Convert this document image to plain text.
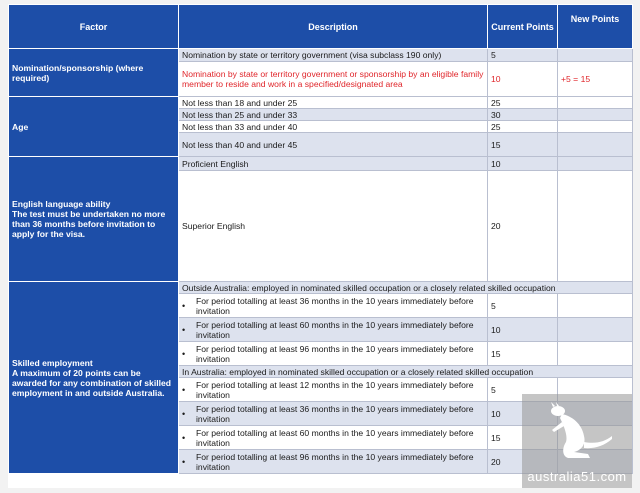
Factor	Description	Current Points	New Points
Nomination/sponsorship (where required)	Nomination by state or territory government (visa subclass 190 only)	5	
	Nomination by state or territory government or sponsorship by an eligible family member to reside and work in a specified/designated area	10	+5 = 15
Age	Not less than 18 and under 25	25	
	Not less than 25 and under 33	30	
	Not less than 33 and under 40	25	
	Not less than 40 and under 45	15	

English language ability
The test must be undertaken no more than 36 months before invitation to apply for the visa.	Proficient English	10	
	Superior English	20	

Skilled employment
A maximum of 20 points can be awarded for any combination of skilled employment in and outside Australia.	Outside Australia: employed in nominated skilled occupation or a closely related skilled occupation		

	• For period totalling at least 36 months in the 10 years immediately before invitation	5	

	• For period totalling at least 60 months in the 10 years immediately before invitation	10	

	• For period totalling at least 96 months in the 10 years immediately before invitation	15	
	In Australia: employed in nominated skilled occupation or a closely related skilled occupation		

	• For period totalling at least 12 months in the 10 years immediately before invitation	5	

	• For period totalling at least 36 months in the 10 years immediately before invitation	10	

	• For period totalling at least 60 months in the 10 years immediately before invitation	15	

	• For period totalling at least 96 months in the 10 years immediately before invitation	20	
australia51.com
